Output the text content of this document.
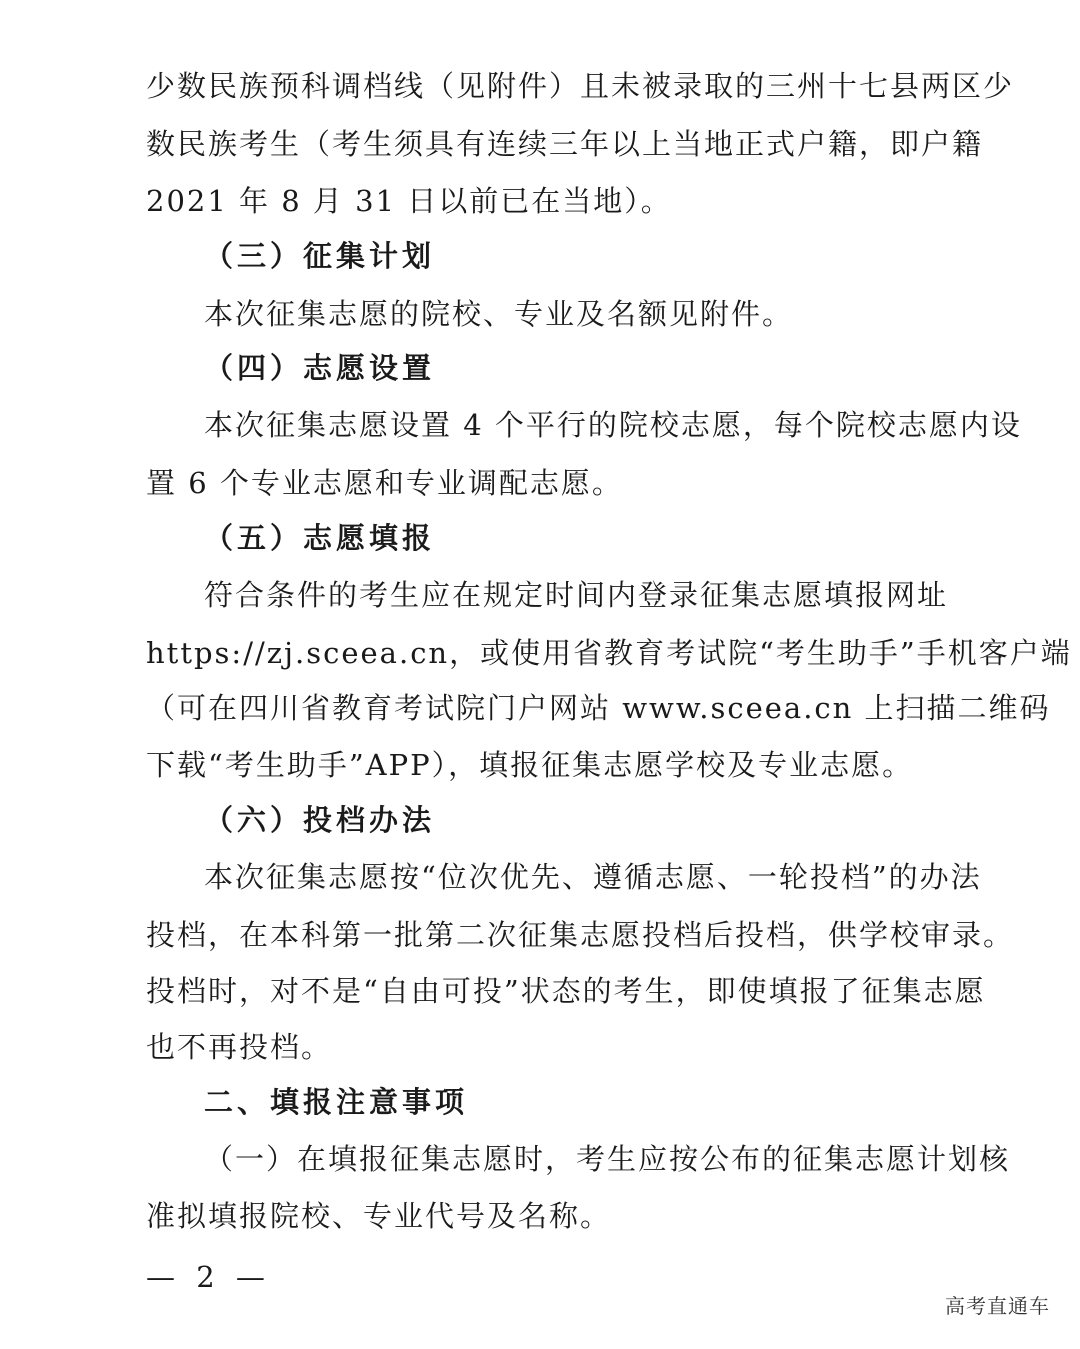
少数民族预科调档线（见附件）且未被录取的三州十七县两区少
数民族考生（考生须具有连续三年以上当地正式户籍，即户籍
2021 年 8 月 31 日以前已在当地）。
（三）征集计划
本次征集志愿的院校、专业及名额见附件。
（四）志愿设置
本次征集志愿设置 4 个平行的院校志愿，每个院校志愿内设
置 6 个专业志愿和专业调配志愿。
（五）志愿填报
符合条件的考生应在规定时间内登录征集志愿填报网址
https://zj.sceea.cn，或使用省教育考试院“考生助手”手机客户端
（可在四川省教育考试院门户网站 www.sceea.cn 上扫描二维码
下载“考生助手”APP），填报征集志愿学校及专业志愿。
（六）投档办法
本次征集志愿按“位次优先、遵循志愿、一轮投档”的办法
投档，在本科第一批第二次征集志愿投档后投档，供学校审录。
投档时，对不是“自由可投”状态的考生，即使填报了征集志愿
也不再投档。
二、填报注意事项
（一）在填报征集志愿时，考生应按公布的征集志愿计划核
准拟填报院校、专业代号及名称。
— 2 —
高考直通车
